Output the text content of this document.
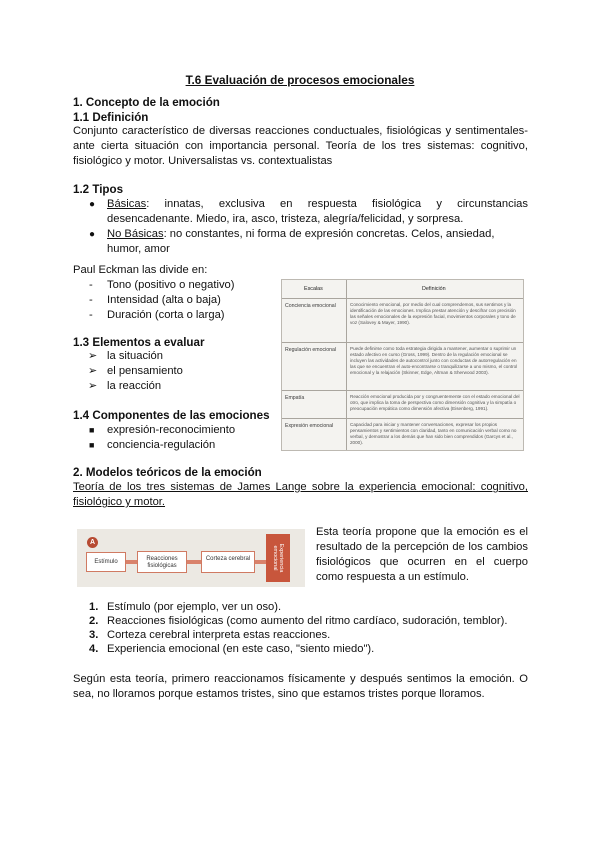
T.6 Evaluación de procesos emocionales
1. Concepto de la emoción
1.1 Definición
Conjunto característico de diversas reacciones conductuales, fisiológicas y sentimentales-
ante cierta situación con importancia personal. Teoría de los tres sistemas: cognitivo,
fisiológico y motor. Universalistas vs. contextualistas
1.2 Tipos
● Básicas: innatas, exclusiva en respuesta fisiológica y circunstancias
desencadenante. Miedo, ira, asco, tristeza, alegría/felicidad, y sorpresa.
● No Básicas: no constantes, ni forma de expresión concretas. Celos, ansiedad,
humor, amor
Paul Eckman las divide en:
- Tono (positivo o negativo)
- Intensidad (alta o baja)
- Duración (corta o larga)
1.3 Elementos a evaluar
➢ la situación
➢ el pensamiento
➢ la reacción
1.4 Componentes de las emociones
■ expresión-reconocimiento
■ conciencia-regulación
Escalas	Definición
Conciencia emocional	Conocimiento emocional, por medio del cual comprendemos, sus sentimos y la identificación de las emociones. Implica prestar atención y descifrar con precisión las señales emocionales de la expresión facial, movimientos corporales y tono de voz (Salovey & Mayer, 1990).
Regulación emocional	Puede definirse como toda estrategia dirigida a mantener, aumentar o suprimir un estado afectivo en curso (Gross, 1999). Dentro de la regulación emocional se incluyen las actividades de autocontrol junto con conductas de autorregulación en las que se encuentran el auto-encontrarse o tranquilizarse a uno mismo, el control emocional y la relajación (Skinner, Edge, Altman & Sherwood 2003).
Empatía	Reacción emocional producida por y congruentemente con el estado emocional del otro, que implica la toma de perspectiva como dimensión cognitiva y la simpatía o preocupación empática como dimensión afectiva (Eisenberg, 1991).
Expresión emocional	Capacidad para iniciar y mantener conversaciones, expresar los propios pensamientos y sentimientos con claridad, tanto en comunicación verbal como no verbal, y demostrar a los demás que han sido bien comprendidos (Garcys et al., 2000).
2. Modelos teóricos de la emoción
Teoría de los tres sistemas de James Lange sobre la experiencia emocional: cognitivo,
fisiológico y motor.
A
Estímulo	Reacciones fisiológicas
Corteza cerebral	Experiencia emocional
Esta teoría propone que la emoción es el
resultado de la percepción de los cambios
fisiológicos que ocurren en el cuerpo
como respuesta a un estímulo.
1. Estímulo (por ejemplo, ver un oso).
2. Reacciones fisiológicas (como aumento del ritmo cardíaco, sudoración, temblor).
3. Corteza cerebral interpreta estas reacciones.
4. Experiencia emocional (en este caso, "siento miedo").
Según esta teoría, primero reaccionamos físicamente y después sentimos la emoción. O
sea, no lloramos porque estamos tristes, sino que estamos tristes porque lloramos.
